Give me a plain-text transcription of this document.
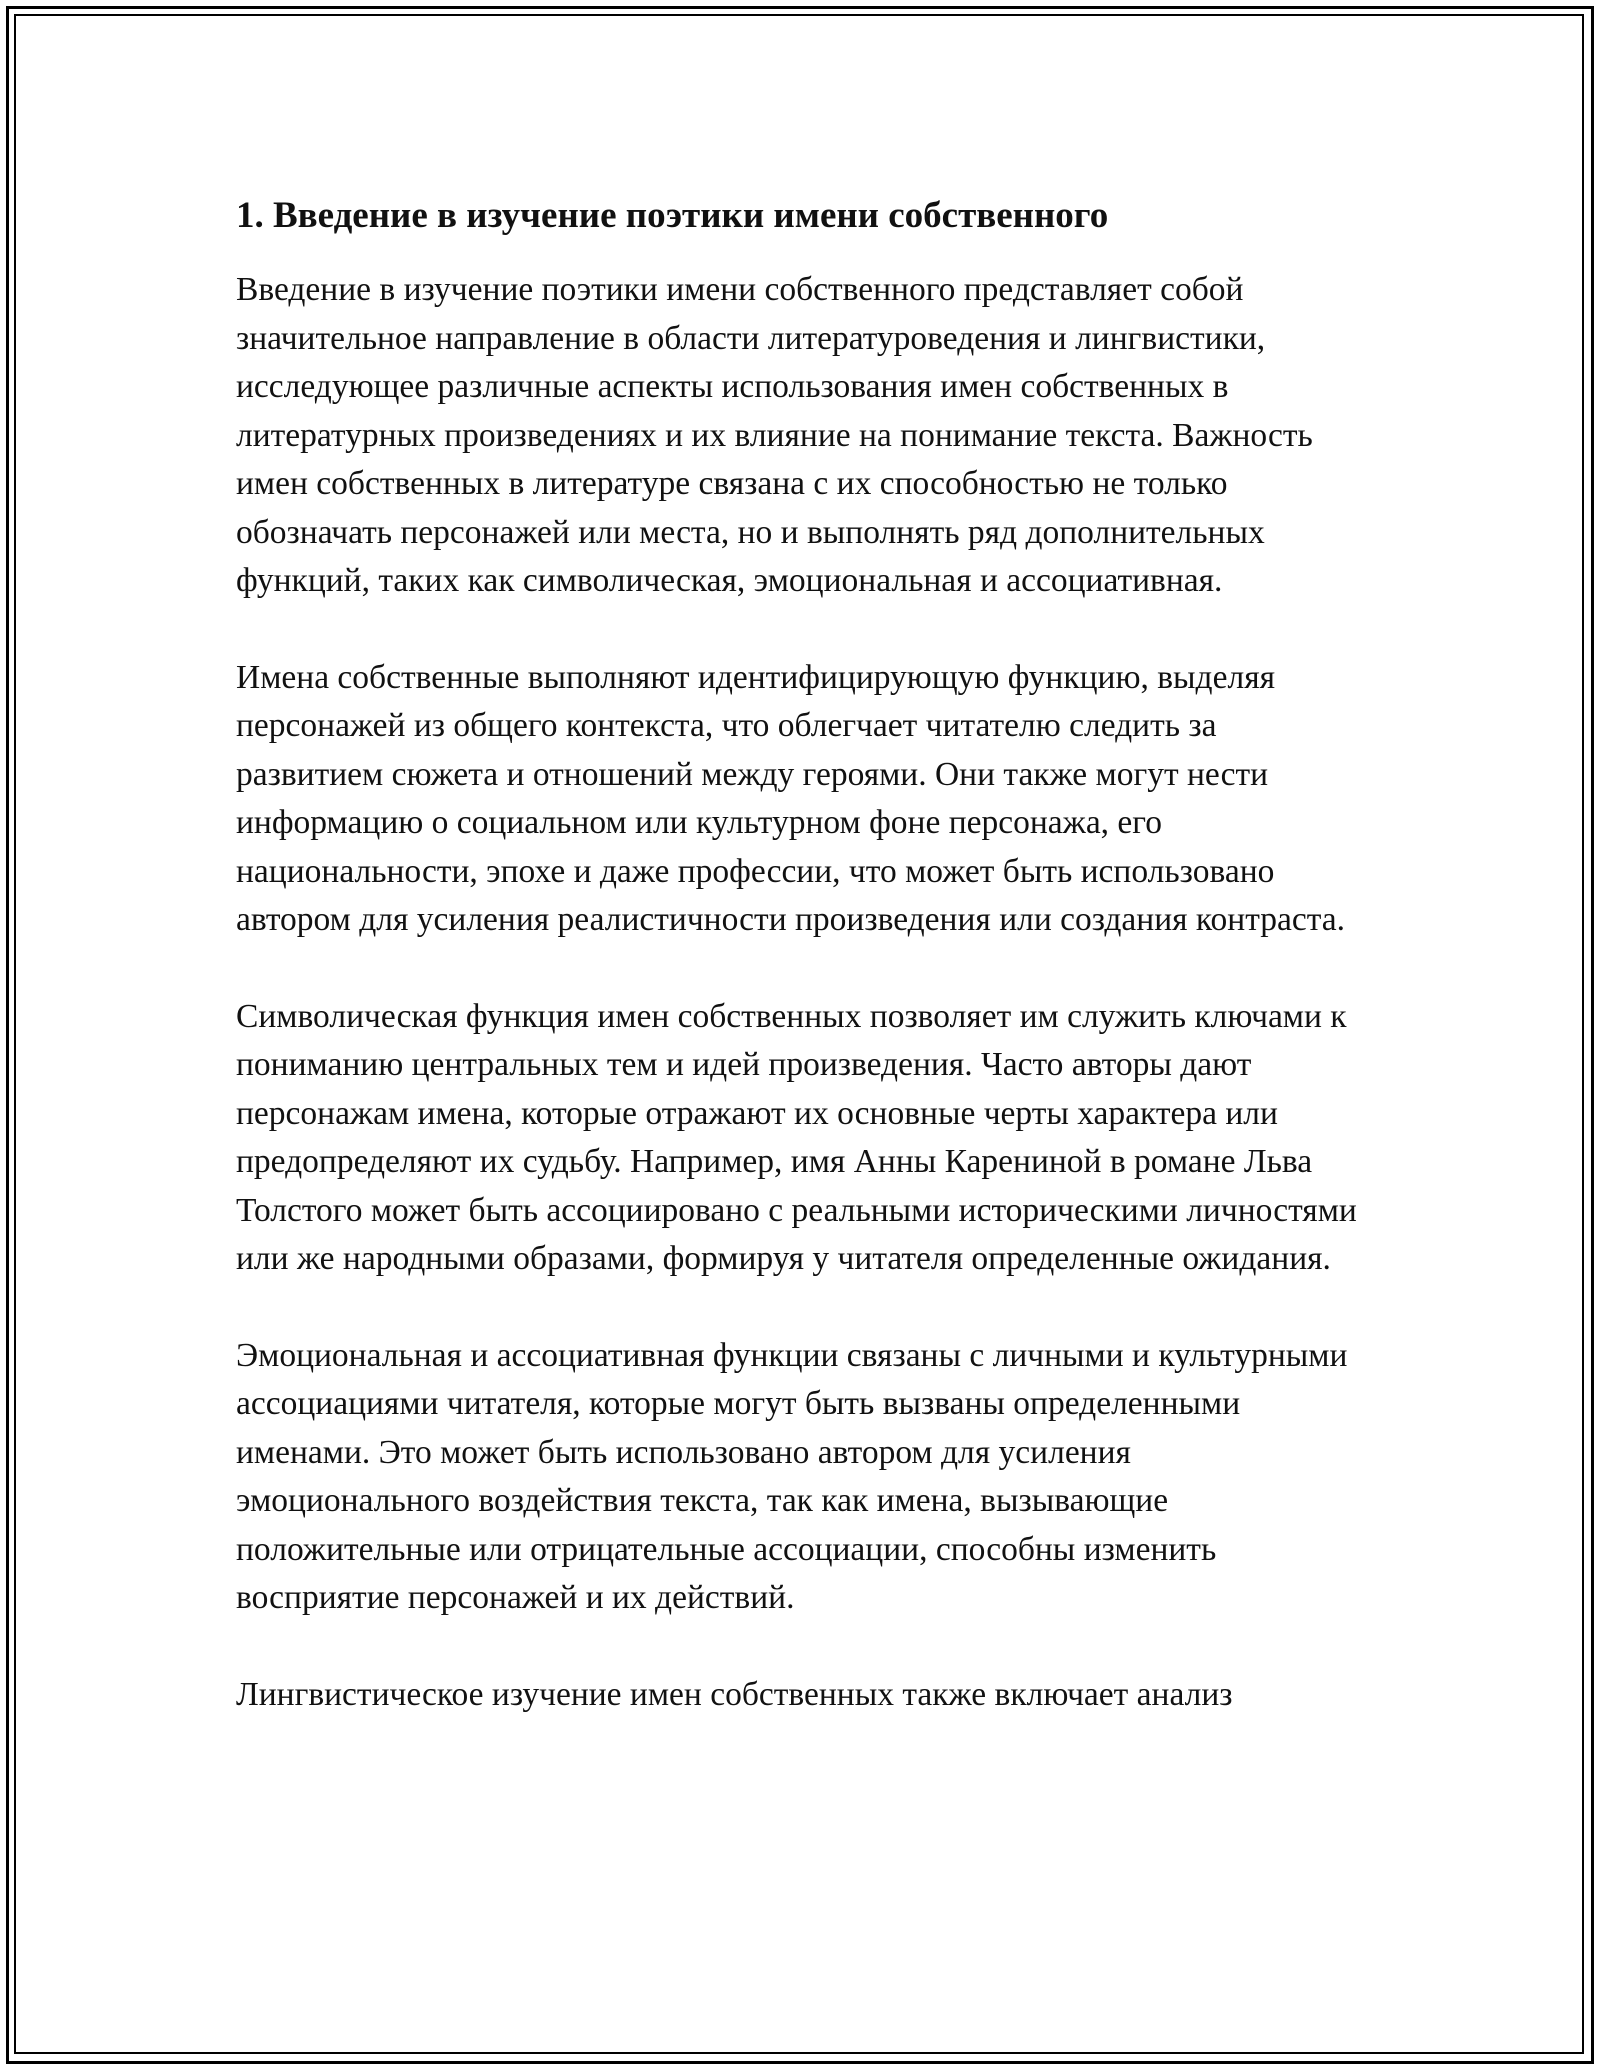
1. Введение в изучение поэтики имени собственного

Введение в изучение поэтики имени собственного представляет собой значительное направление в области литературоведения и лингвистики, исследующее различные аспекты использования имен собственных в литературных произведениях и их влияние на понимание текста. Важность имен собственных в литературе связана с их способностью не только обозначать персонажей или места, но и выполнять ряд дополнительных функций, таких как символическая, эмоциональная и ассоциативная.

Имена собственные выполняют идентифицирующую функцию, выделяя персонажей из общего контекста, что облегчает читателю следить за развитием сюжета и отношений между героями. Они также могут нести информацию о социальном или культурном фоне персонажа, его национальности, эпохе и даже профессии, что может быть использовано автором для усиления реалистичности произведения или создания контраста.

Символическая функция имен собственных позволяет им служить ключами к пониманию центральных тем и идей произведения. Часто авторы дают персонажам имена, которые отражают их основные черты характера или предопределяют их судьбу. Например, имя Анны Карениной в романе Льва Толстого может быть ассоциировано с реальными историческими личностями или же народными образами, формируя у читателя определенные ожидания.

Эмоциональная и ассоциативная функции связаны с личными и культурными ассоциациями читателя, которые могут быть вызваны определенными именами. Это может быть использовано автором для усиления эмоционального воздействия текста, так как имена, вызывающие положительные или отрицательные ассоциации, способны изменить восприятие персонажей и их действий.

Лингвистическое изучение имен собственных также включает анализ
